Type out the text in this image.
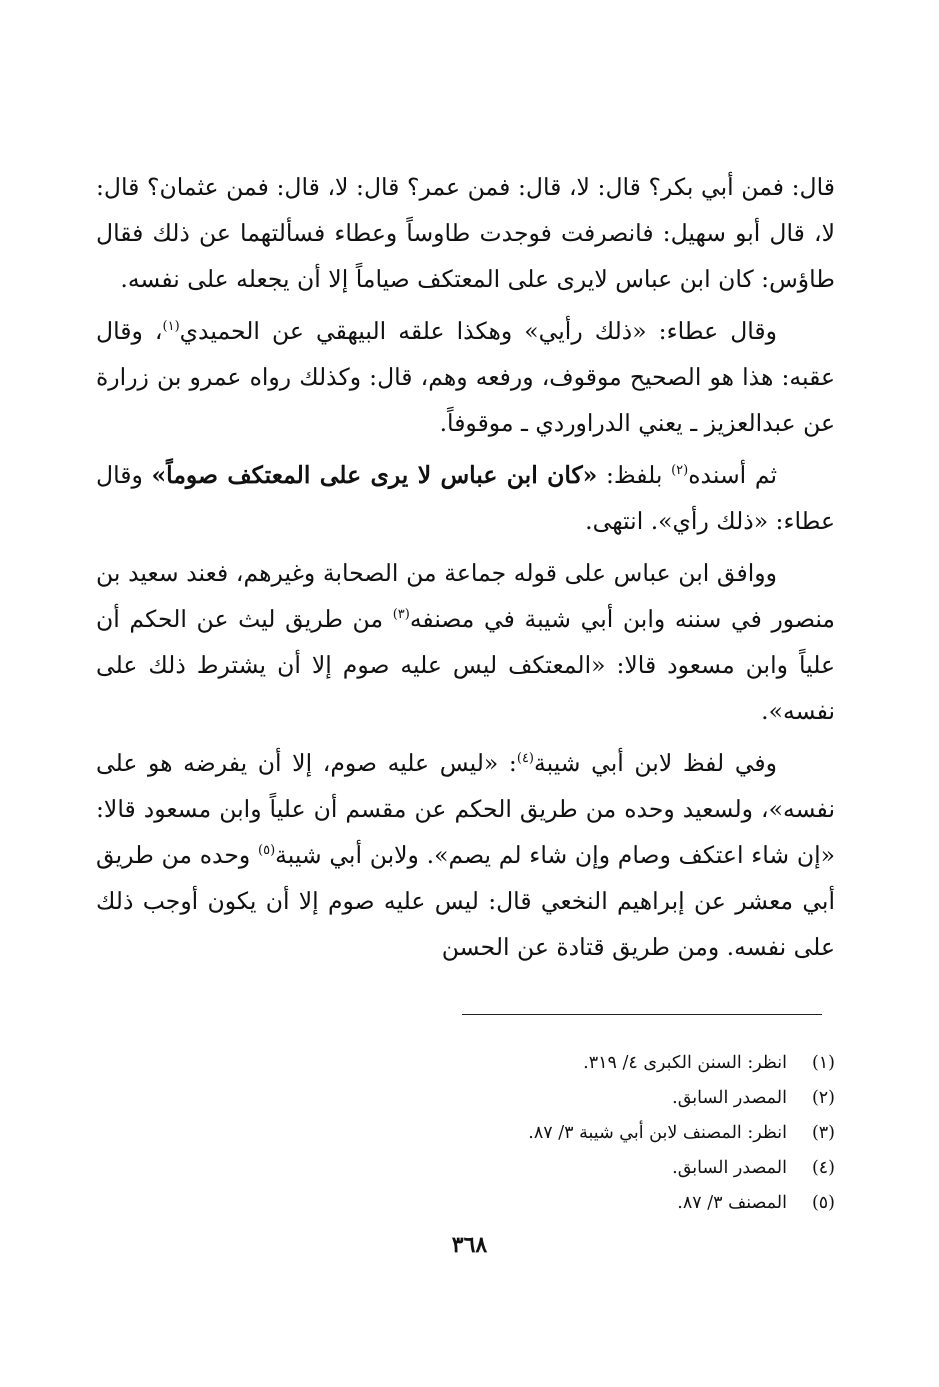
قال: فمن أبي بكر؟ قال: لا، قال: فمن عمر؟ قال: لا، قال: فمن عثمان؟ قال: لا، قال أبو سهيل: فانصرفت فوجدت طاوساً وعطاء فسألتهما عن ذلك فقال طاؤس: كان ابن عباس لايرى على المعتكف صياماً إلا أن يجعله على نفسه.

وقال عطاء: «ذلك رأيي» وهكذا علقه البيهقي عن الحميدي$^{(١)}$، وقال عقبه: هذا هو الصحيح موقوف، ورفعه وهم، قال: وكذلك رواه عمرو بن زرارة عن عبدالعزيز ـ يعني الدراوردي ـ موقوفاً.

ثم أسنده$^{(٢)}$ بلفظ: «كان ابن عباس لا يرى على المعتكف صوماً» وقال عطاء: «ذلك رأي». انتهى.

ووافق ابن عباس على قوله جماعة من الصحابة وغيرهم، فعند سعيد بن منصور في سننه وابن أبي شيبة في مصنفه$^{(٣)}$ من طريق ليث عن الحكم أن علياً وابن مسعود قالا: «المعتكف ليس عليه صوم إلا أن يشترط ذلك على نفسه».

وفي لفظ لابن أبي شيبة$^{(٤)}$: «ليس عليه صوم، إلا أن يفرضه هو على نفسه»، ولسعيد وحده من طريق الحكم عن مقسم أن علياً وابن مسعود قالا: «إن شاء اعتكف وصام وإن شاء لم يصم». ولابن أبي شيبة$^{(٥)}$ وحده من طريق أبي معشر عن إبراهيم النخعي قال: ليس عليه صوم إلا أن يكون أوجب ذلك على نفسه. ومن طريق قتادة عن الحسن

(١)انظر: السنن الكبرى ٤/ ٣١٩.
(٢)المصدر السابق.
(٣)انظر: المصنف لابن أبي شيبة ٣/ ٨٧.
(٤)المصدر السابق.
(٥)المصنف ٣/ ٨٧.
٣٦٨
